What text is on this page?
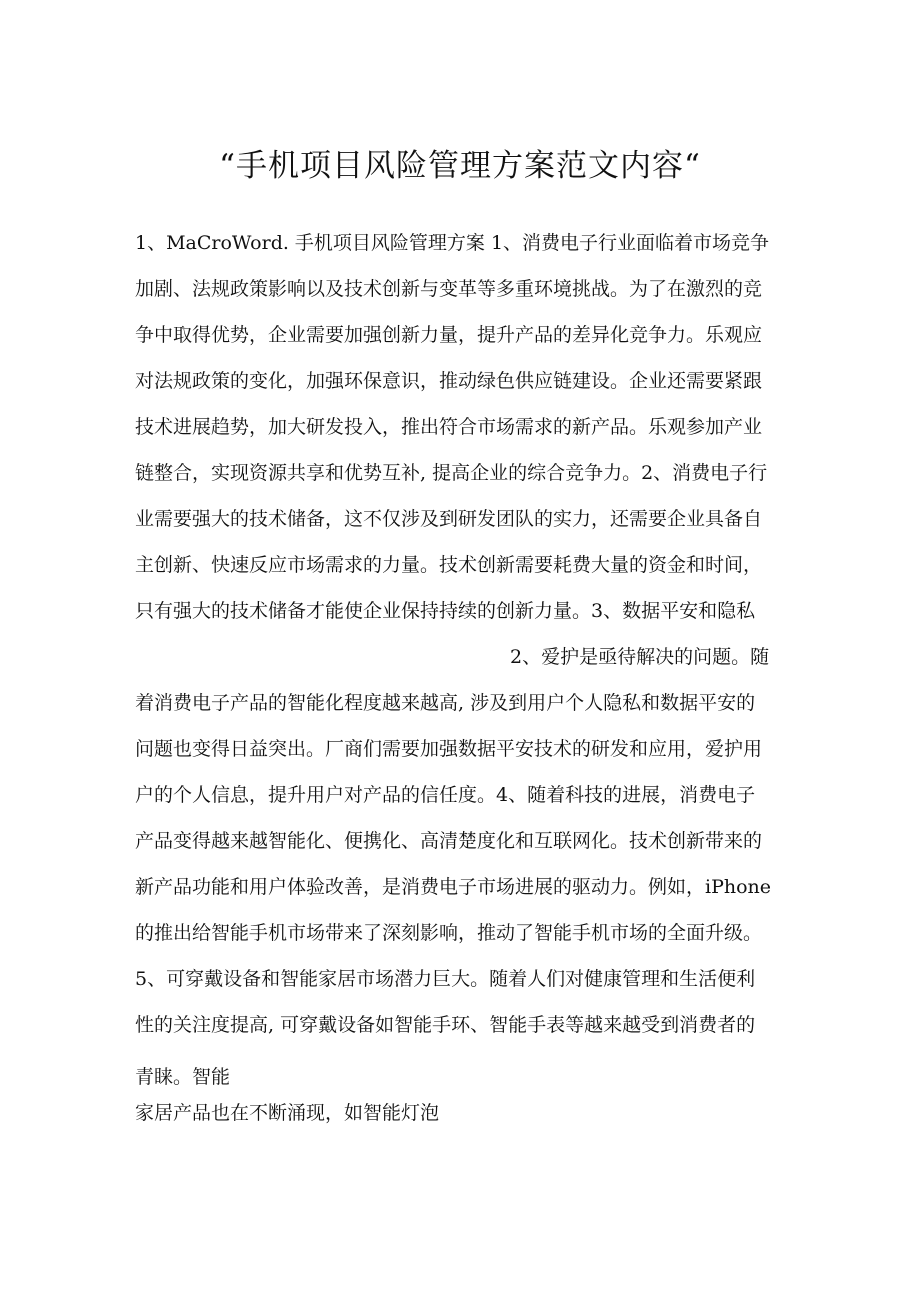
“手机项目风险管理方案范文内容“
1、MaCroWord. 手机项目风险管理方案 1、消费电子行业面临着市场竞争
加剧、法规政策影响以及技术创新与变革等多重环境挑战。为了在激烈的竞
争中取得优势，企业需要加强创新力量，提升产品的差异化竞争力。乐观应
对法规政策的变化，加强环保意识，推动绿色供应链建设。企业还需要紧跟
技术进展趋势，加大研发投入，推出符合市场需求的新产品。乐观参加产业
链整合，实现资源共享和优势互补, 提高企业的综合竞争力。2、消费电子行
业需要强大的技术储备，这不仅涉及到研发团队的实力，还需要企业具备自
主创新、快速反应市场需求的力量。技术创新需要耗费大量的资金和时间，
只有强大的技术储备才能使企业保持持续的创新力量。3、数据平安和隐私
2、爱护是亟待解决的问题。随
着消费电子产品的智能化程度越来越高, 涉及到用户个人隐私和数据平安的
问题也变得日益突出。厂商们需要加强数据平安技术的研发和应用，爱护用
户的个人信息，提升用户对产品的信任度。4、随着科技的进展，消费电子
产品变得越来越智能化、便携化、高清楚度化和互联网化。技术创新带来的
新产品功能和用户体验改善，是消费电子市场进展的驱动力。例如，iPhone
的推出给智能手机市场带来了深刻影响，推动了智能手机市场的全面升级。
5、可穿戴设备和智能家居市场潜力巨大。随着人们对健康管理和生活便利
性的关注度提高, 可穿戴设备如智能手环、智能手表等越来越受到消费者的
青睐。智能
家居产品也在不断涌现，如智能灯泡
